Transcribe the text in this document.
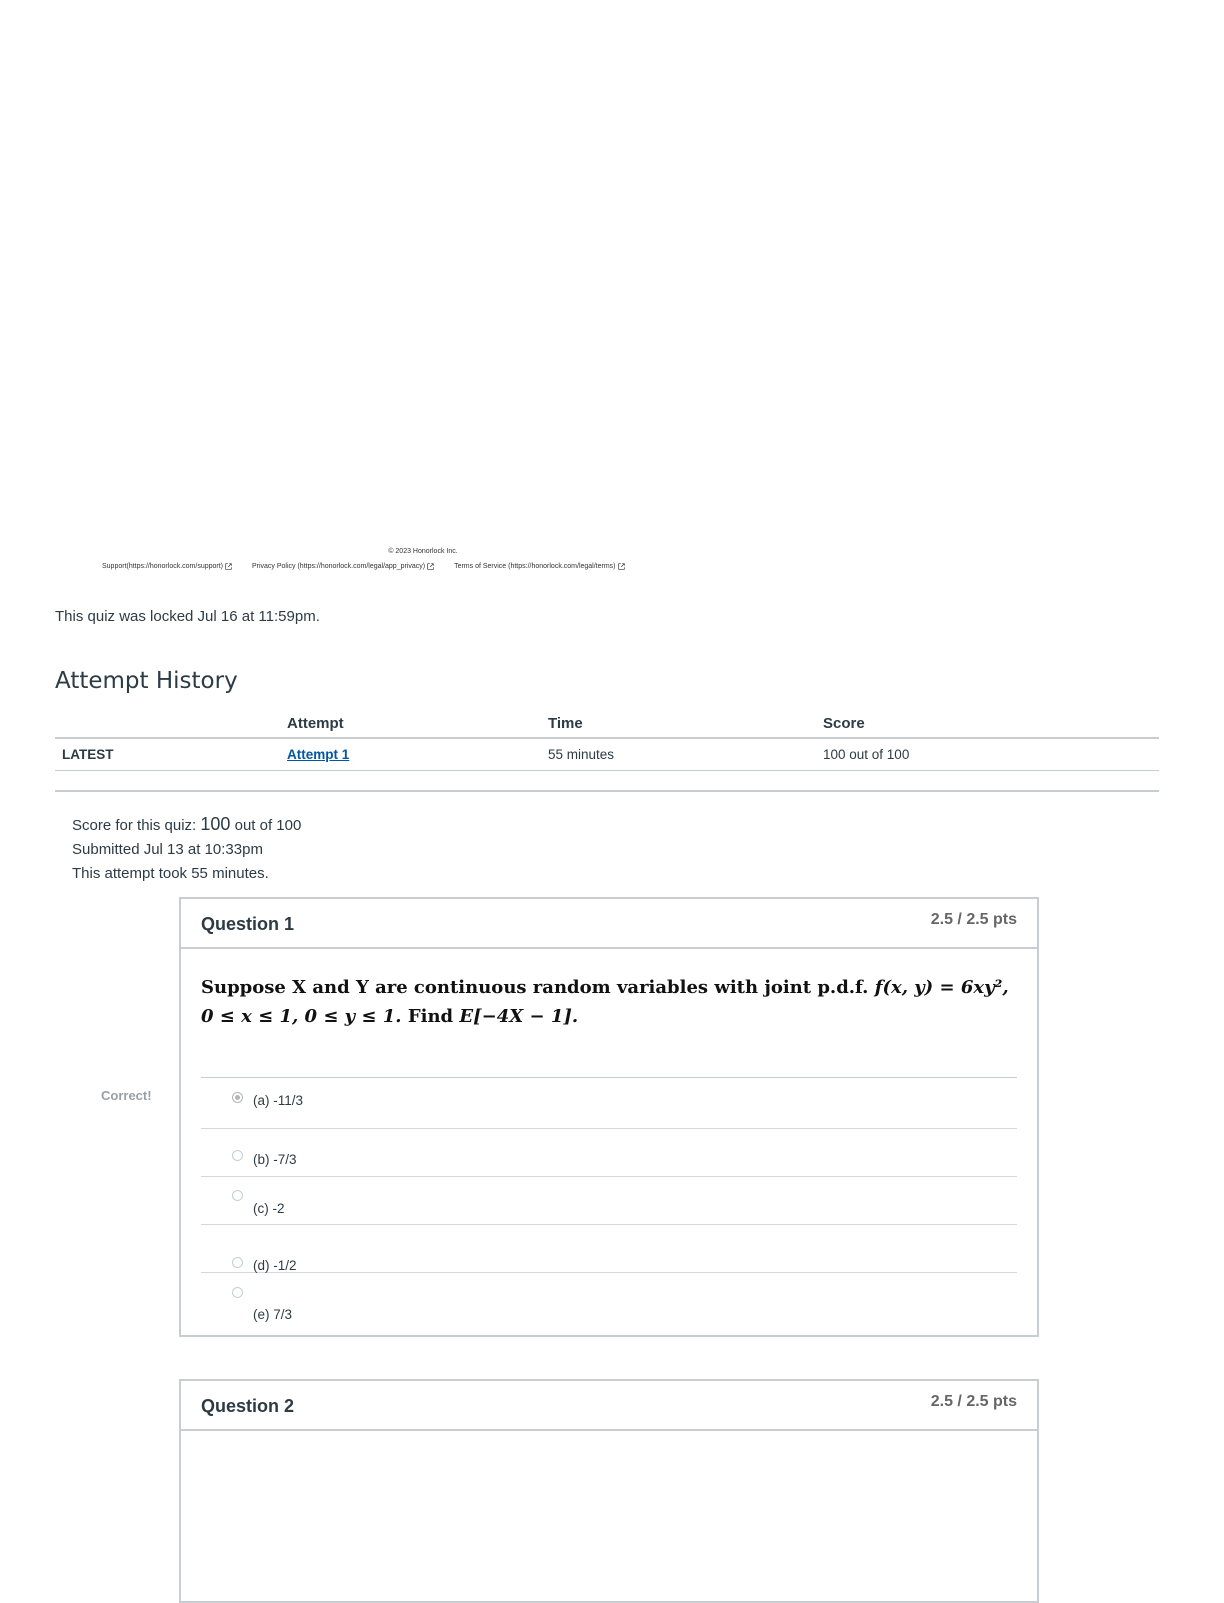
© 2023 Honorlock Inc.
Support(https://honorlock.com/support)
	Privacy Policy (https://honorlock.com/legal/app_privacy)
	Terms of Service (https://honorlock.com/legal/terms)
This quiz was locked Jul 16 at 11:59pm.
Attempt History
	Attempt	Time	Score
LATEST	Attempt 1	55 minutes	100 out of 100
Score for this quiz: 100 out of 100
Submitted Jul 13 at 10:33pm
This attempt took 55 minutes.
Correct!
Question 1	2.5 / 2.5 pts
Suppose X and Y are continuous random variables with joint p.d.f. f(x, y) = 6xy²,
0 ≤ x ≤ 1, 0 ≤ y ≤ 1. Find E[−4X − 1].
(a) -11/3
(b) -7/3
(c) -2
(d) -1/2
(e) 7/3
Question 2	2.5 / 2.5 pts
